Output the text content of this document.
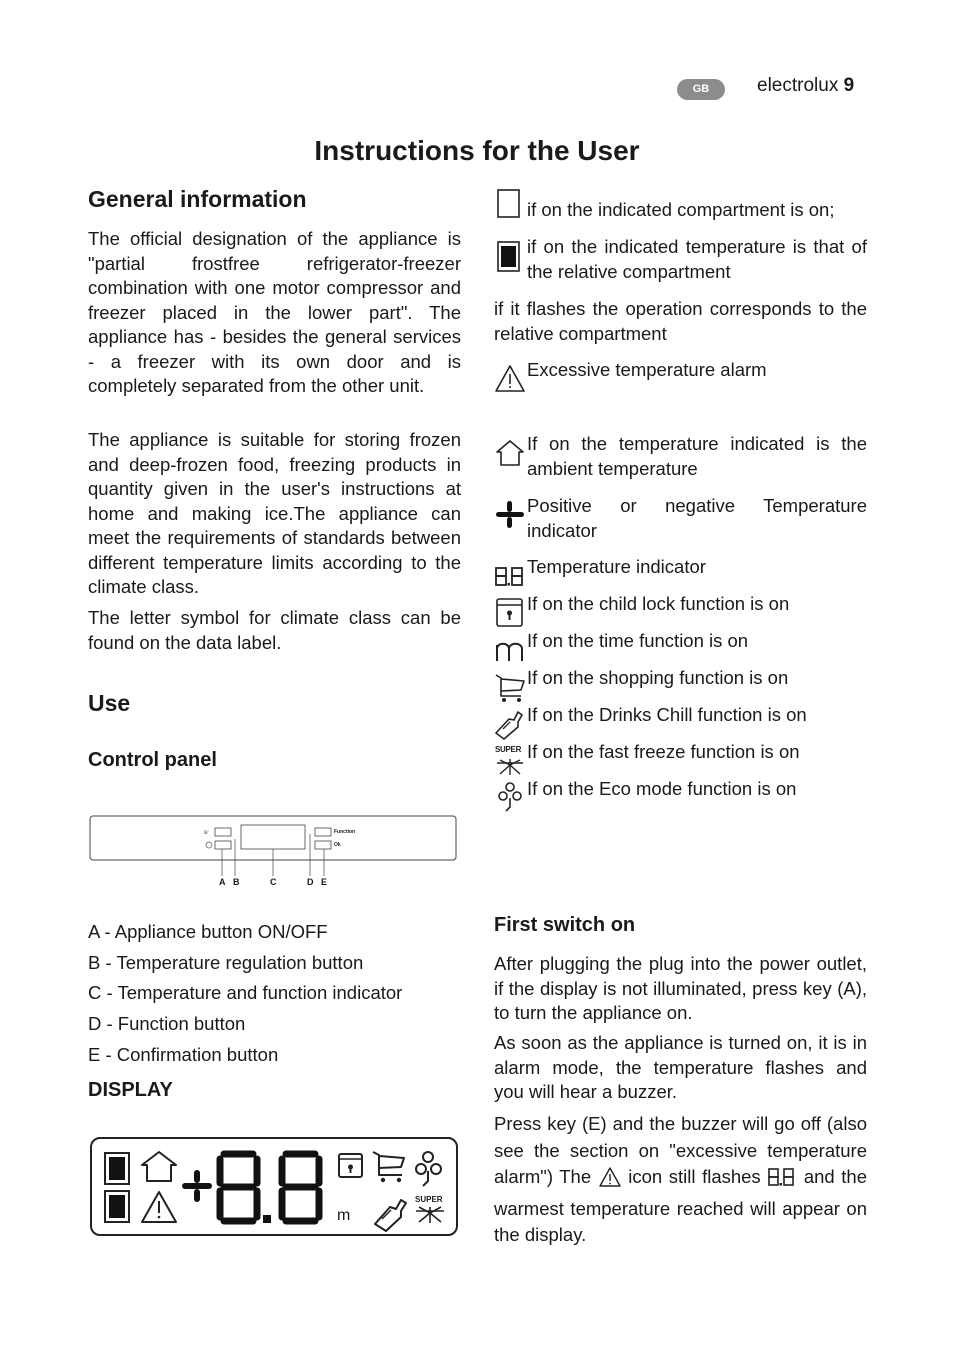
GB	electrolux 9
Instructions for the User
General information

The official designation of the appliance is "partial frostfree refrigerator-freezer combination with one motor compressor and freezer placed in the lower part". The appliance has - besides the general services - a freezer with its own door and is completely separated from the other unit.

The appliance is suitable for storing frozen and deep-frozen food, freezing products in quantity given in the user's instructions at home and making ice.The appliance can meet the requirements of standards between different temperature limits according to the climate class.

The letter symbol for climate class can be found on the data label.

Use
Control panel
ℹ/∕	Function
Ok
A B	C	D E
A - Appliance button ON/OFF
B - Temperature regulation button
C - Temperature and function indicator
D - Function button
E - Confirmation button
DISPLAY
m
SUPER
if on the indicated compartment is on;
if on the indicated temperature is that of the relative compartment

if it flashes the operation corresponds to the relative compartment

Excessive temperature alarm
If on the temperature indicated is the ambient temperature
Positive or negative Temperature indicator
Temperature indicator
If on the child lock function is on
If on the time function is on
If on the shopping function is on
If on the Drinks Chill function is on
SUPER If on the fast freeze function is on
If on the Eco mode function is on
First switch on

After plugging the plug into the power outlet, if the display is not illuminated, press key (A), to turn the appliance on.

As soon as the appliance is turned on, it is in alarm mode, the temperature flashes and you will hear a buzzer.

Press key (E) and the buzzer will go off (also see the section on "excessive temperature alarm") The icon still flashes and the warmest temperature reached will appear on the display.
